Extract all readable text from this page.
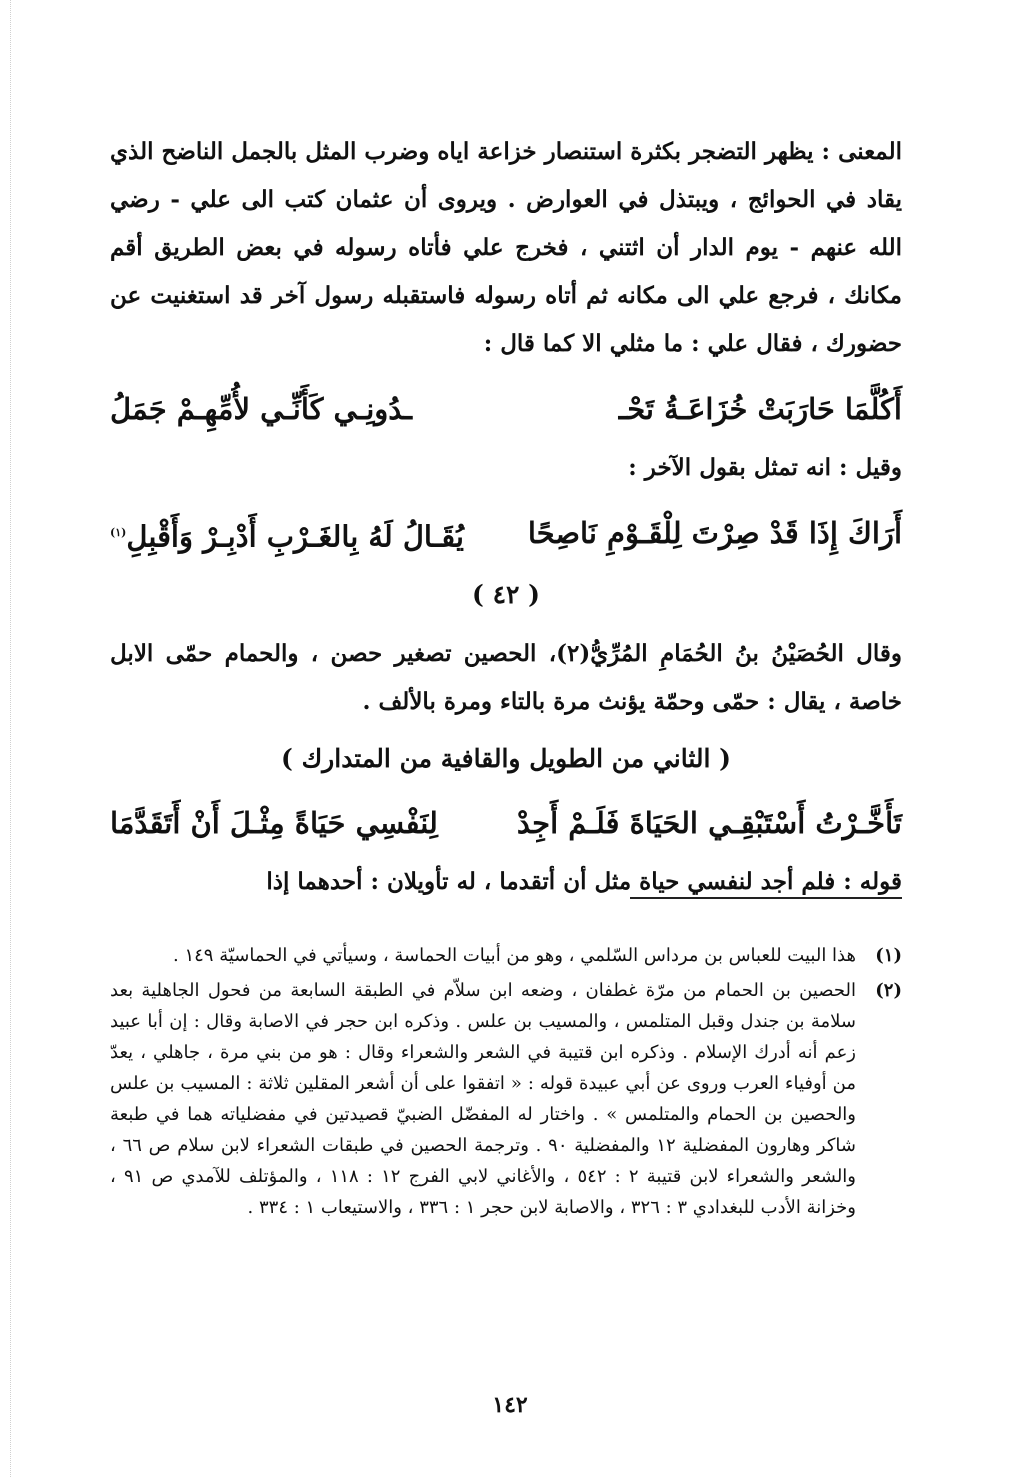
المعنى : يظهر التضجر بكثرة استنصار خزاعة اياه وضرب المثل بالجمل الناضح الذي يقاد في الحوائج ، ويبتذل في العوارض . ويروى أن عثمان كتب الى علي - رضي الله عنهم - يوم الدار أن اثتني ، فخرج علي فأتاه رسوله في بعض الطريق أقم مكانك ، فرجع علي الى مكانه ثم أتاه رسوله فاستقبله رسول آخر قد استغنيت عن حضورك ، فقال علي : ما مثلي الا كما قال :

أَكُلَّمَا حَارَبَتْ خُزَاعَـةُ تَحْـ
ـدُونِـي كَأَنِّـي لأُمِّهِـمْ جَمَلُ

وقيل : انه تمثل بقول الآخر :

أَرَاكَ إِذَا قَدْ صِرْتَ لِلْقَـوْمِ نَاصِحًا
يُقَـالُ لَهُ بِالغَـرْبِ أَدْبِـرْ وَأَقْبِلِ$^{(١)}$
( ٤٢ )

وقال الحُصَيْنُ بنُ الحُمَامِ المُرِّيُّ(٢)، الحصين تصغير حصن ، والحمام حمّى الابل خاصة ، يقال : حمّى وحمّة يؤنث مرة بالتاء ومرة بالألف .

( الثاني من الطويل والقافية من المتدارك )
تَأَخَّـرْتُ أَسْتَبْقِـي الحَيَاةَ فَلَـمْ أَجِدْ
لِنَفْسِي حَيَاةً مِثْـلَ أَنْ أَتَقَدَّمَا

قوله : فلم أجد لنفسي حياة مثل أن أتقدما ، له تأويلان : أحدهما إذا

(١)
هذا البيت للعباس بن مرداس السّلمي ، وهو من أبيات الحماسة ، وسيأتي في الحماسيّة ١٤٩ .
(٢)
الحصين بن الحمام من مرّة غطفان ، وضعه ابن سلاّم في الطبقة السابعة من فحول الجاهلية بعد سلامة بن جندل وقبل المتلمس ، والمسيب بن علس . وذكره ابن حجر في الاصابة وقال : إن أبا عبيد زعم أنه أدرك الإسلام . وذكره ابن قتيبة في الشعر والشعراء وقال : هو من بني مرة ، جاهلي ، يعدّ من أوفياء العرب وروى عن أبي عبيدة قوله : « اتفقوا على أن أشعر المقلين ثلاثة : المسيب بن علس والحصين بن الحمام والمتلمس » . واختار له المفضّل الضبيّ قصيدتين في مفضلياته هما في طبعة شاكر وهارون المفضلية ١٢ والمفضلية ٩٠ . وترجمة الحصين في طبقات الشعراء لابن سلام ص ٦٦ ، والشعر والشعراء لابن قتيبة ٢ : ٥٤٢ ، والأغاني لابي الفرج ١٢ : ١١٨ ، والمؤتلف للآمدي ص ٩١ ، وخزانة الأدب للبغدادي ٣ : ٣٢٦ ، والاصابة لابن حجر ١ : ٣٣٦ ، والاستيعاب ١ : ٣٣٤ .
١٤٢
